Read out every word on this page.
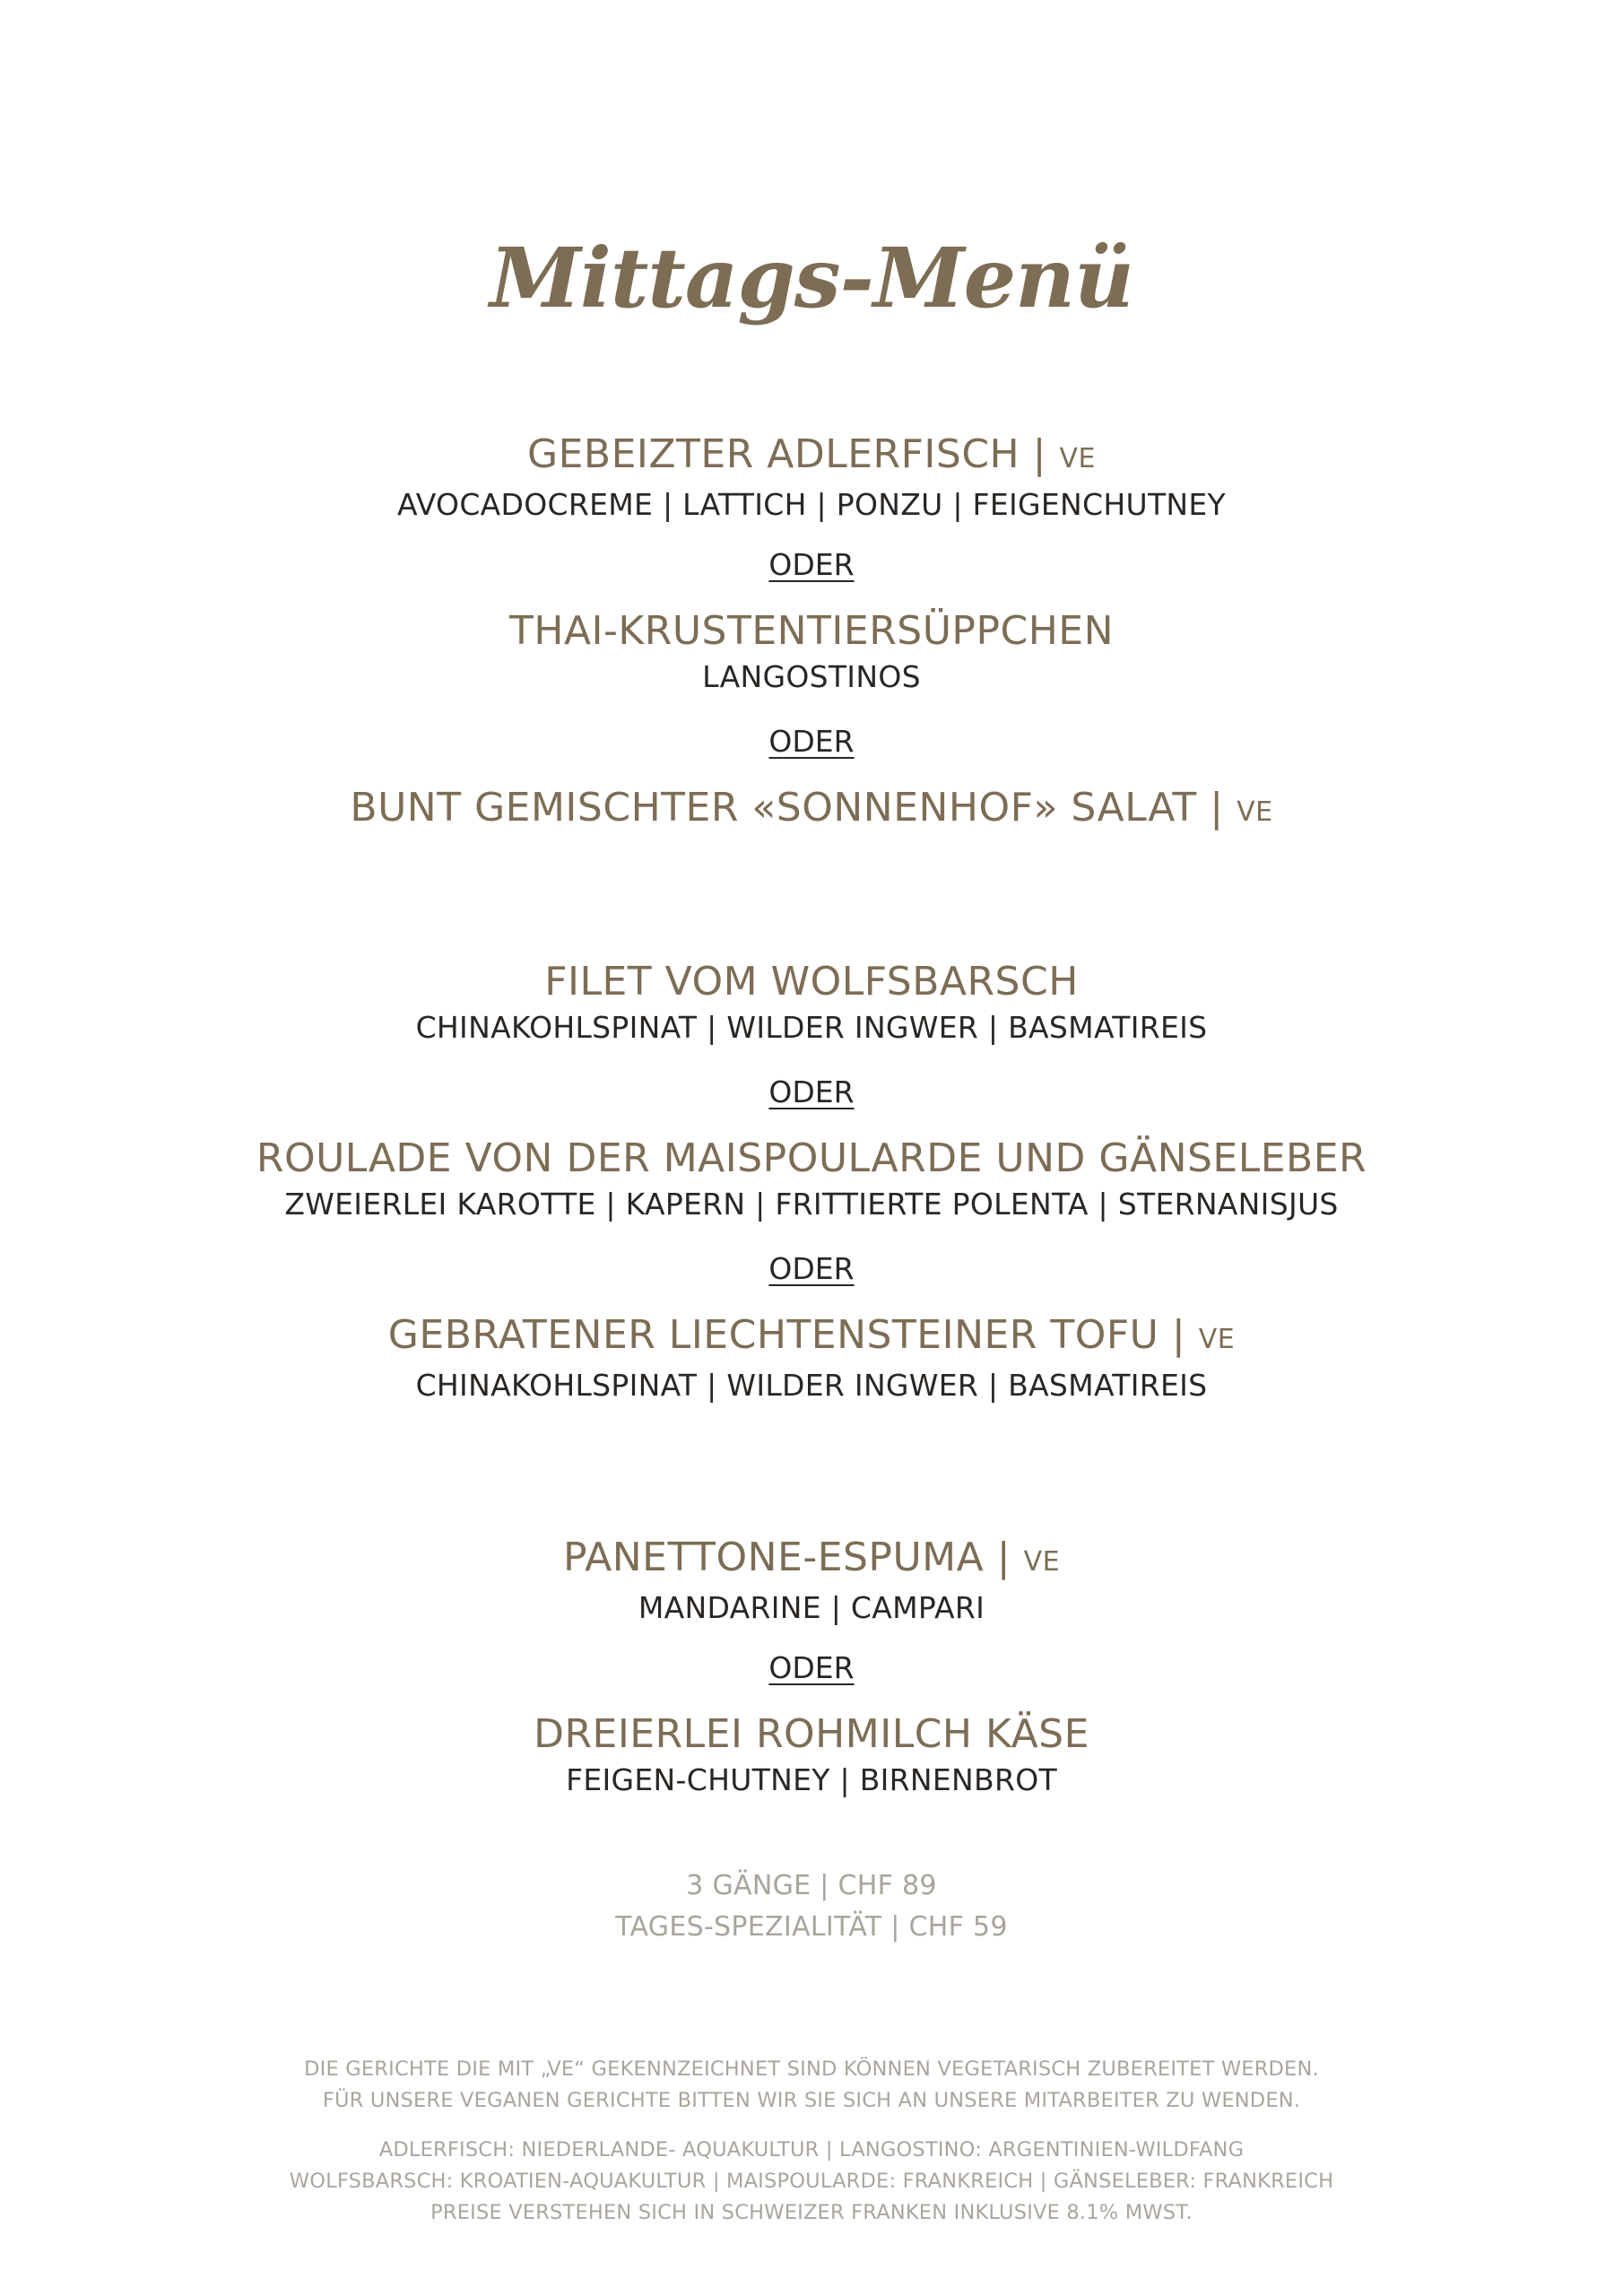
Mittags-Menü
GEBEIZTER ADLERFISCH | VE
AVOCADOCREME | LATTICH | PONZU | FEIGENCHUTNEY
ODER
THAI-KRUSTENTIERSÜPPCHEN
LANGOSTINOS
ODER
BUNT GEMISCHTER «SONNENHOF» SALAT | VE
FILET VOM WOLFSBARSCH
CHINAKOHLSPINAT | WILDER INGWER | BASMATIREIS
ODER
ROULADE VON DER MAISPOULARDE UND GÄNSELEBER
ZWEIERLEI KAROTTE | KAPERN | FRITTIERTE POLENTA | STERNANISJUS
ODER
GEBRATENER LIECHTENSTEINER TOFU | VE
CHINAKOHLSPINAT | WILDER INGWER | BASMATIREIS
PANETTONE-ESPUMA | VE
MANDARINE | CAMPARI
ODER
DREIERLEI ROHMILCH KÄSE
FEIGEN-CHUTNEY | BIRNENBROT
3 GÄNGE | CHF 89
TAGES-SPEZIALITÄT | CHF 59
DIE GERICHTE DIE MIT „VE“ GEKENNZEICHNET SIND KÖNNEN VEGETARISCH ZUBEREITET WERDEN.
FÜR UNSERE VEGANEN GERICHTE BITTEN WIR SIE SICH AN UNSERE MITARBEITER ZU WENDEN.
ADLERFISCH: NIEDERLANDE- AQUAKULTUR | LANGOSTINO: ARGENTINIEN-WILDFANG
WOLFSBARSCH: KROATIEN-AQUAKULTUR | MAISPOULARDE: FRANKREICH | GÄNSELEBER: FRANKREICH
PREISE VERSTEHEN SICH IN SCHWEIZER FRANKEN INKLUSIVE 8.1% MWST.
